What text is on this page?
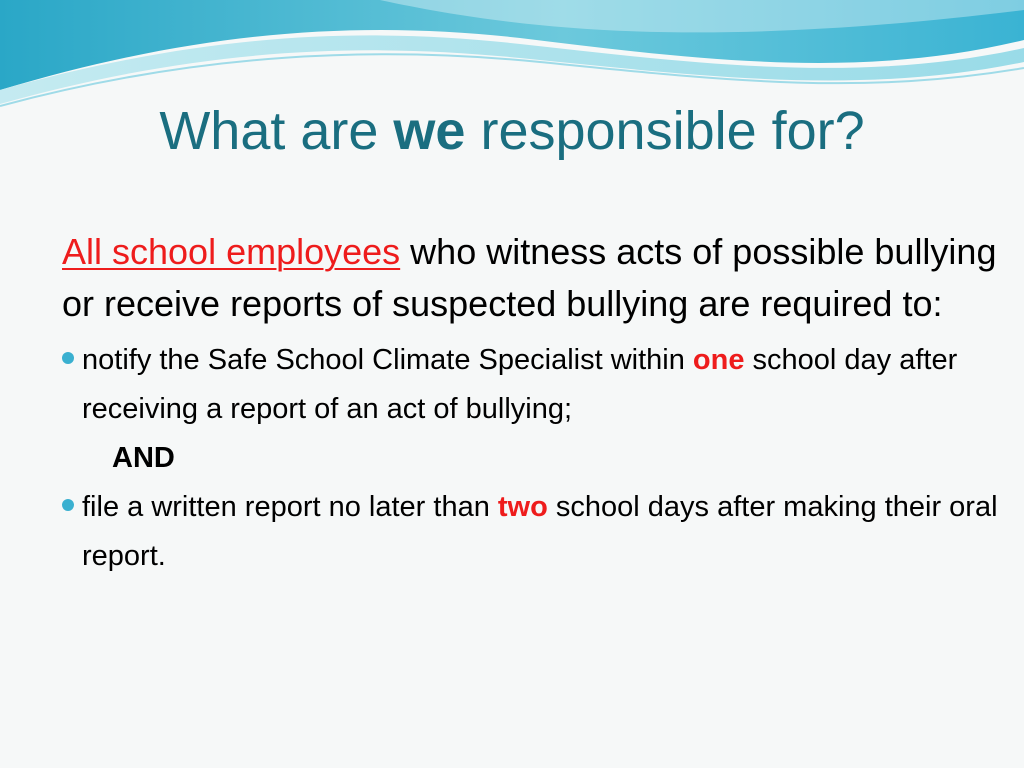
What are we responsible for?

All school employees who witness acts of possible bullying or receive reports of suspected bullying are required to:

notify the Safe School Climate Specialist within one school day after receiving a report of an act of bullying;
AND
file a written report no later than two school days after making their oral report.
